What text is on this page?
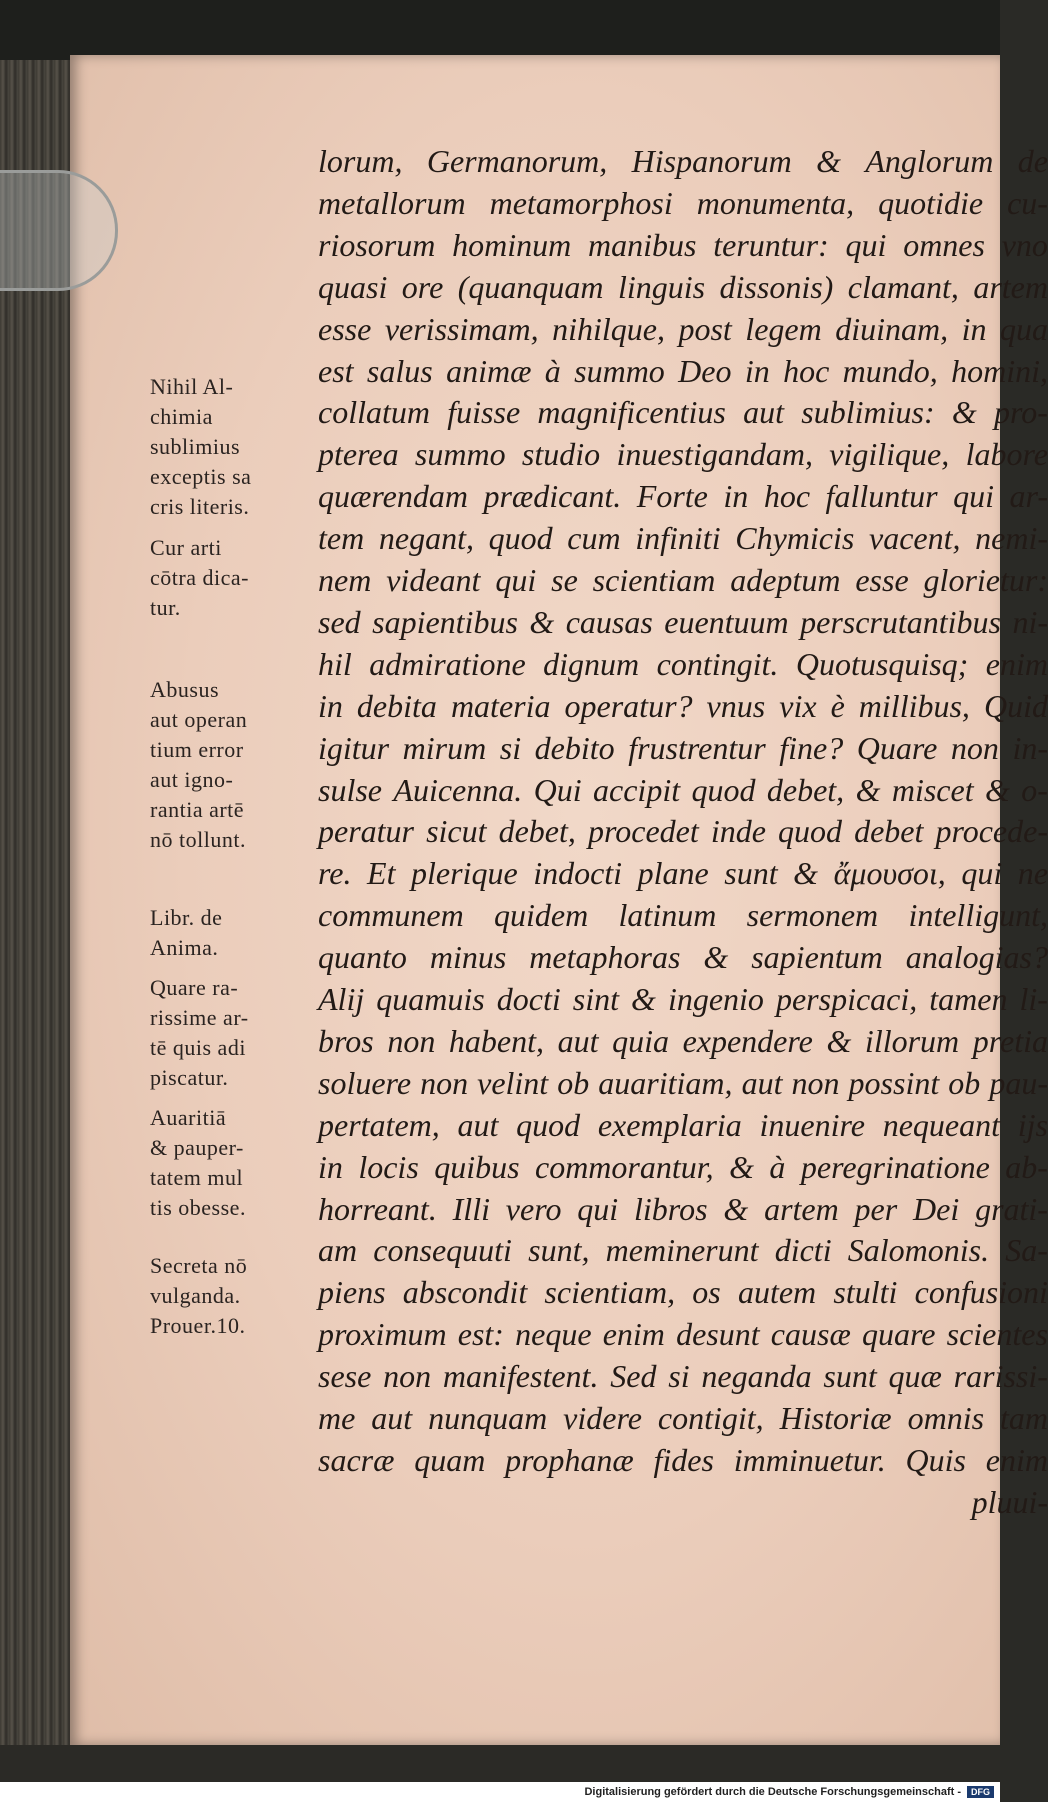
lorum, Germanorum, Hispanorum & Anglorum de
metallorum metamorphosi monumenta, quotidie cu-
riosorum hominum manibus teruntur: qui omnes vno
quasi ore (quanquam linguis dissonis) clamant, artem
esse verissimam, nihilque, post legem diuinam, in qua
est salus animæ à summo Deo in hoc mundo, homini,
collatum fuisse magnificentius aut sublimius: & pro-
pterea summo studio inuestigandam, vigilique, labore
quærendam prædicant. Forte in hoc falluntur qui ar-
tem negant, quod cum infiniti Chymicis vacent, nemi-
nem videant qui se scientiam adeptum esse glorietur:
sed sapientibus & causas euentuum perscrutantibus ni-
hil admiratione dignum contingit. Quotusquisq; enim
in debita materia operatur? vnus vix è millibus, Quid
igitur mirum si debito frustrentur fine? Quare non in-
sulse Auicenna. Qui accipit quod debet, & miscet & o-
peratur sicut debet, procedet inde quod debet procede-
re. Et plerique indocti plane sunt & ἄμουσοι, qui ne
communem quidem latinum sermonem intelligunt,
quanto minus metaphoras & sapientum analogias?
Alij quamuis docti sint & ingenio perspicaci, tamen li-
bros non habent, aut quia expendere & illorum pretia
soluere non velint ob auaritiam, aut non possint ob pau-
pertatem, aut quod exemplaria inuenire nequeant ijs
in locis quibus commorantur, & à peregrinatione ab-
horreant. Illi vero qui libros & artem per Dei grati-
am consequuti sunt, meminerunt dicti Salomonis. Sa-
piens abscondit scientiam, os autem stulti confusioni
proximum est: neque enim desunt causæ quare scientes
sese non manifestent. Sed si neganda sunt quæ rarissi-
me aut nunquam videre contigit, Historiæ omnis tam
sacræ quam prophanæ fides imminuetur. Quis enim
pluui-
Nihil Al-
chimia
sublimius
exceptis sa
cris literis.
Cur arti
cōtra dica-
tur.
Abusus
aut operan
tium error
aut igno-
rantia artē
nō tollunt.
Libr. de
Anima.
Quare ra-
rissime ar-
tē quis adi
piscatur.
Auaritiā
& pauper-
tatem mul
tis obesse.
Secreta nō
vulganda.
Prouer.10.
Digitalisierung gefördert durch die Deutsche Forschungsgemeinschaft -	DFG
